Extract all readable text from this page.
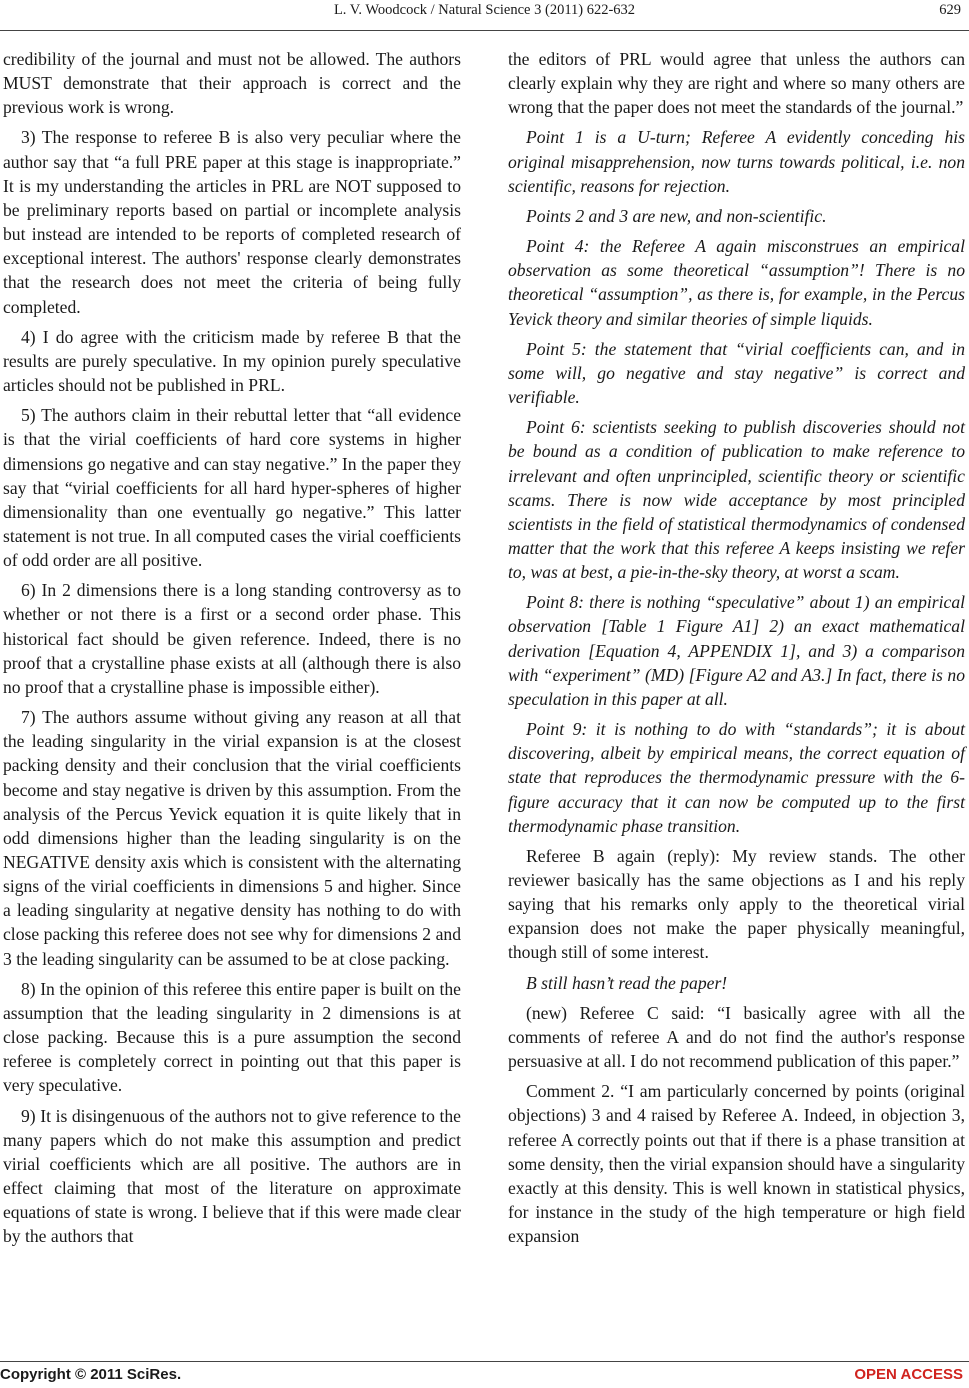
L. V. Woodcock / Natural Science 3 (2011) 622-632	629

credibility of the journal and must not be allowed. The authors MUST demonstrate that their approach is correct and the previous work is wrong.

3) The response to referee B is also very peculiar where the author say that “a full PRE paper at this stage is inappropriate.” It is my understanding the articles in PRL are NOT supposed to be preliminary reports based on partial or incomplete analysis but instead are intended to be reports of completed research of exceptional interest. The authors' response clearly demonstrates that the research does not meet the criteria of being fully completed.

4) I do agree with the criticism made by referee B that the results are purely speculative. In my opinion purely speculative articles should not be published in PRL.

5) The authors claim in their rebuttal letter that “all evidence is that the virial coefficients of hard core systems in higher dimensions go negative and can stay negative.” In the paper they say that “virial coefficients for all hard hyper-spheres of higher dimensionality than one eventually go negative.” This latter statement is not true. In all computed cases the virial coefficients of odd order are all positive.

6) In 2 dimensions there is a long standing controversy as to whether or not there is a first or a second order phase. This historical fact should be given reference. Indeed, there is no proof that a crystalline phase exists at all (although there is also no proof that a crystalline phase is impossible either).

7) The authors assume without giving any reason at all that the leading singularity in the virial expansion is at the closest packing density and their conclusion that the virial coefficients become and stay negative is driven by this assumption. From the analysis of the Percus Yevick equation it is quite likely that in odd dimensions higher than the leading singularity is on the NEGATIVE density axis which is consistent with the alternating signs of the virial coefficients in dimensions 5 and higher. Since a leading singularity at negative density has nothing to do with close packing this referee does not see why for dimensions 2 and 3 the leading singularity can be assumed to be at close packing.

8) In the opinion of this referee this entire paper is built on the assumption that the leading singularity in 2 dimensions is at close packing. Because this is a pure assumption the second referee is completely correct in pointing out that this paper is very speculative.

9) It is disingenuous of the authors not to give reference to the many papers which do not make this assumption and predict virial coefficients which are all positive. The authors are in effect claiming that most of the literature on approximate equations of state is wrong. I believe that if this were made clear by the authors that

the editors of PRL would agree that unless the authors can clearly explain why they are right and where so many others are wrong that the paper does not meet the standards of the journal.”

Point 1 is a U-turn; Referee A evidently conceding his original misapprehension, now turns towards political, i.e. non scientific, reasons for rejection.

Points 2 and 3 are new, and non-scientific.

Point 4: the Referee A again misconstrues an empirical observation as some theoretical “assumption”! There is no theoretical “assumption”, as there is, for example, in the Percus Yevick theory and similar theories of simple liquids.

Point 5: the statement that “virial coefficients can, and in some will, go negative and stay negative” is correct and verifiable.

Point 6: scientists seeking to publish discoveries should not be bound as a condition of publication to make reference to irrelevant and often unprincipled, scientific theory or scientific scams. There is now wide acceptance by most principled scientists in the field of statistical thermodynamics of condensed matter that the work that this referee A keeps insisting we refer to, was at best, a pie-in-the-sky theory, at worst a scam.

Point 8: there is nothing “speculative” about 1) an empirical observation [Table 1 Figure A1] 2) an exact mathematical derivation [Equation 4, APPENDIX 1], and 3) a comparison with “experiment” (MD) [Figure A2 and A3.] In fact, there is no speculation in this paper at all.

Point 9: it is nothing to do with “standards”; it is about discovering, albeit by empirical means, the correct equation of state that reproduces the thermodynamic pressure with the 6-figure accuracy that it can now be computed up to the first thermodynamic phase transition.

Referee B again (reply): My review stands. The other reviewer basically has the same objections as I and his reply saying that his remarks only apply to the theoretical virial expansion does not make the paper physically meaningful, though still of some interest.

B still hasn’t read the paper!

(new) Referee C said: “I basically agree with all the comments of referee A and do not find the author's response persuasive at all. I do not recommend publication of this paper.”

Comment 2. “I am particularly concerned by points (original objections) 3 and 4 raised by Referee A. Indeed, in objection 3, referee A correctly points out that if there is a phase transition at some density, then the virial expansion should have a singularity exactly at this density. This is well known in statistical physics, for instance in the study of the high temperature or high field expansion

Copyright © 2011 SciRes.	OPEN ACCESS
